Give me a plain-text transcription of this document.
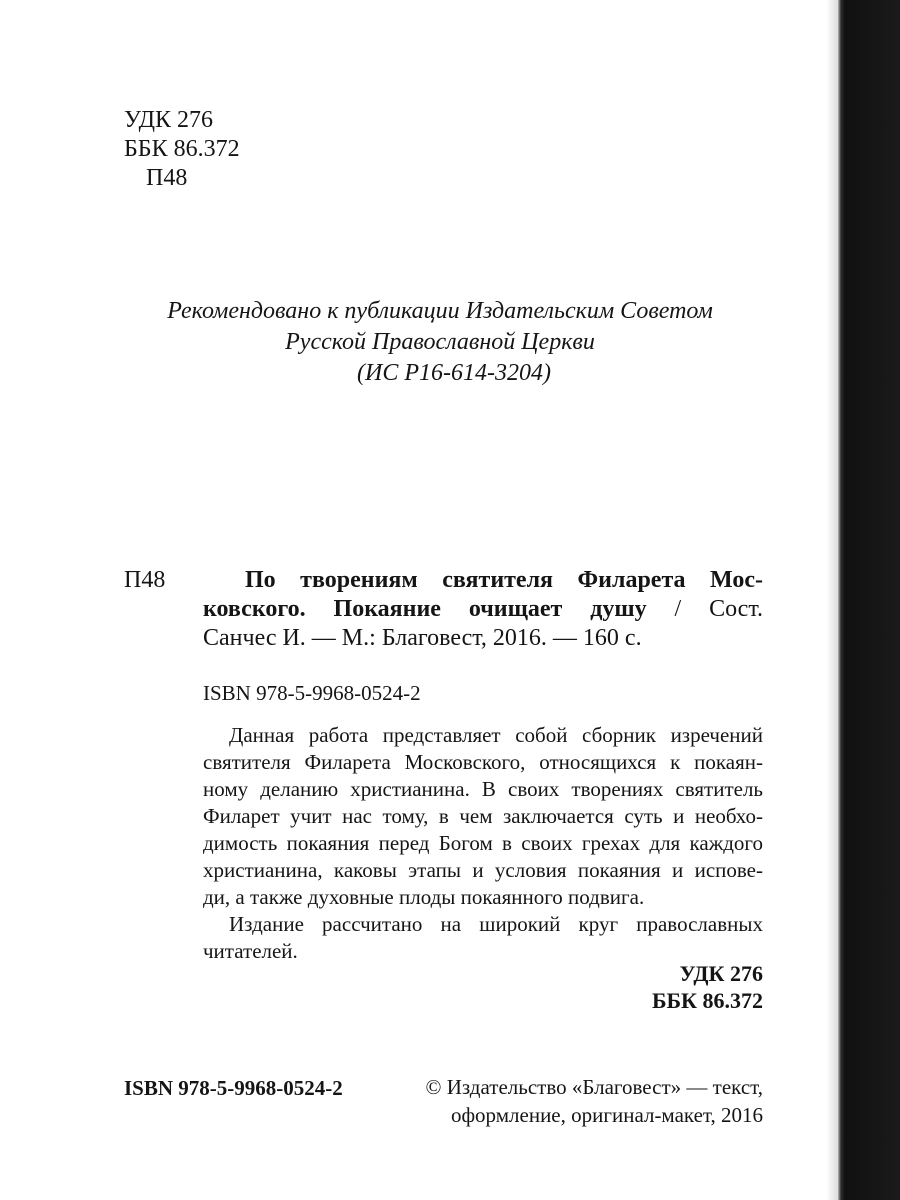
УДК 276
ББК 86.372
П48
Рекомендовано к публикации Издательским Советом
Русской Православной Церкви
(ИС Р16-614-3204)
П48	По творениям святителя Филарета Мос-
ковского. Покаяние очищает душу / Сост.
Санчес И. — М.: Благовест, 2016. — 160 с.
ISBN 978-5-9968-0524-2
Данная работа представляет собой сборник изречений
святителя Филарета Московского, относящихся к покаян-
ному деланию христианина. В своих творениях святитель
Филарет учит нас тому, в чем заключается суть и необхо-
димость покаяния перед Богом в своих грехах для каждого
христианина, каковы этапы и условия покаяния и испове-
ди, а также духовные плоды покаянного подвига.
Издание рассчитано на широкий круг православных
читателей.
УДК 276
ББК 86.372
ISBN 978-5-9968-0524-2	© Издательство «Благовест» — текст,
оформление, оригинал-макет, 2016
